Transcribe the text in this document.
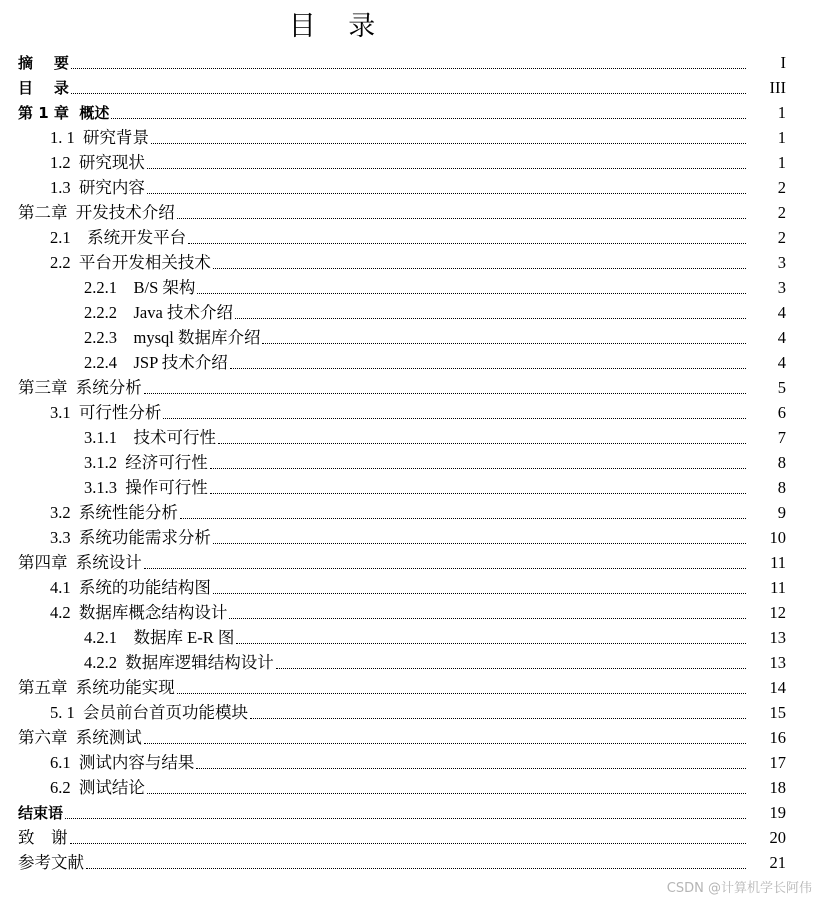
目 录
摘    要	I
目    录	III
第 1 章  概述	1
1. 1  研究背景	1
1.2  研究现状	1
1.3  研究内容	2
第二章  开发技术介绍	2
2.1    系统开发平台	2
2.2  平台开发相关技术	3
2.2.1    B/S 架构	3
2.2.2    Java 技术介绍	4
2.2.3    mysql 数据库介绍	4
2.2.4    JSP 技术介绍	4
第三章  系统分析	5
3.1  可行性分析	6
3.1.1    技术可行性	7
3.1.2  经济可行性	8
3.1.3  操作可行性	8
3.2  系统性能分析	9
3.3  系统功能需求分析	10
第四章  系统设计	11
4.1  系统的功能结构图	11
4.2  数据库概念结构设计	12
4.2.1    数据库 E-R 图	13
4.2.2  数据库逻辑结构设计	13
第五章  系统功能实现	14
5. 1  会员前台首页功能模块	15
第六章  系统测试	16
6.1  测试内容与结果	17
6.2  测试结论	18
结束语	19
致    谢	20
参考文献	21
CSDN @计算机学长阿伟
